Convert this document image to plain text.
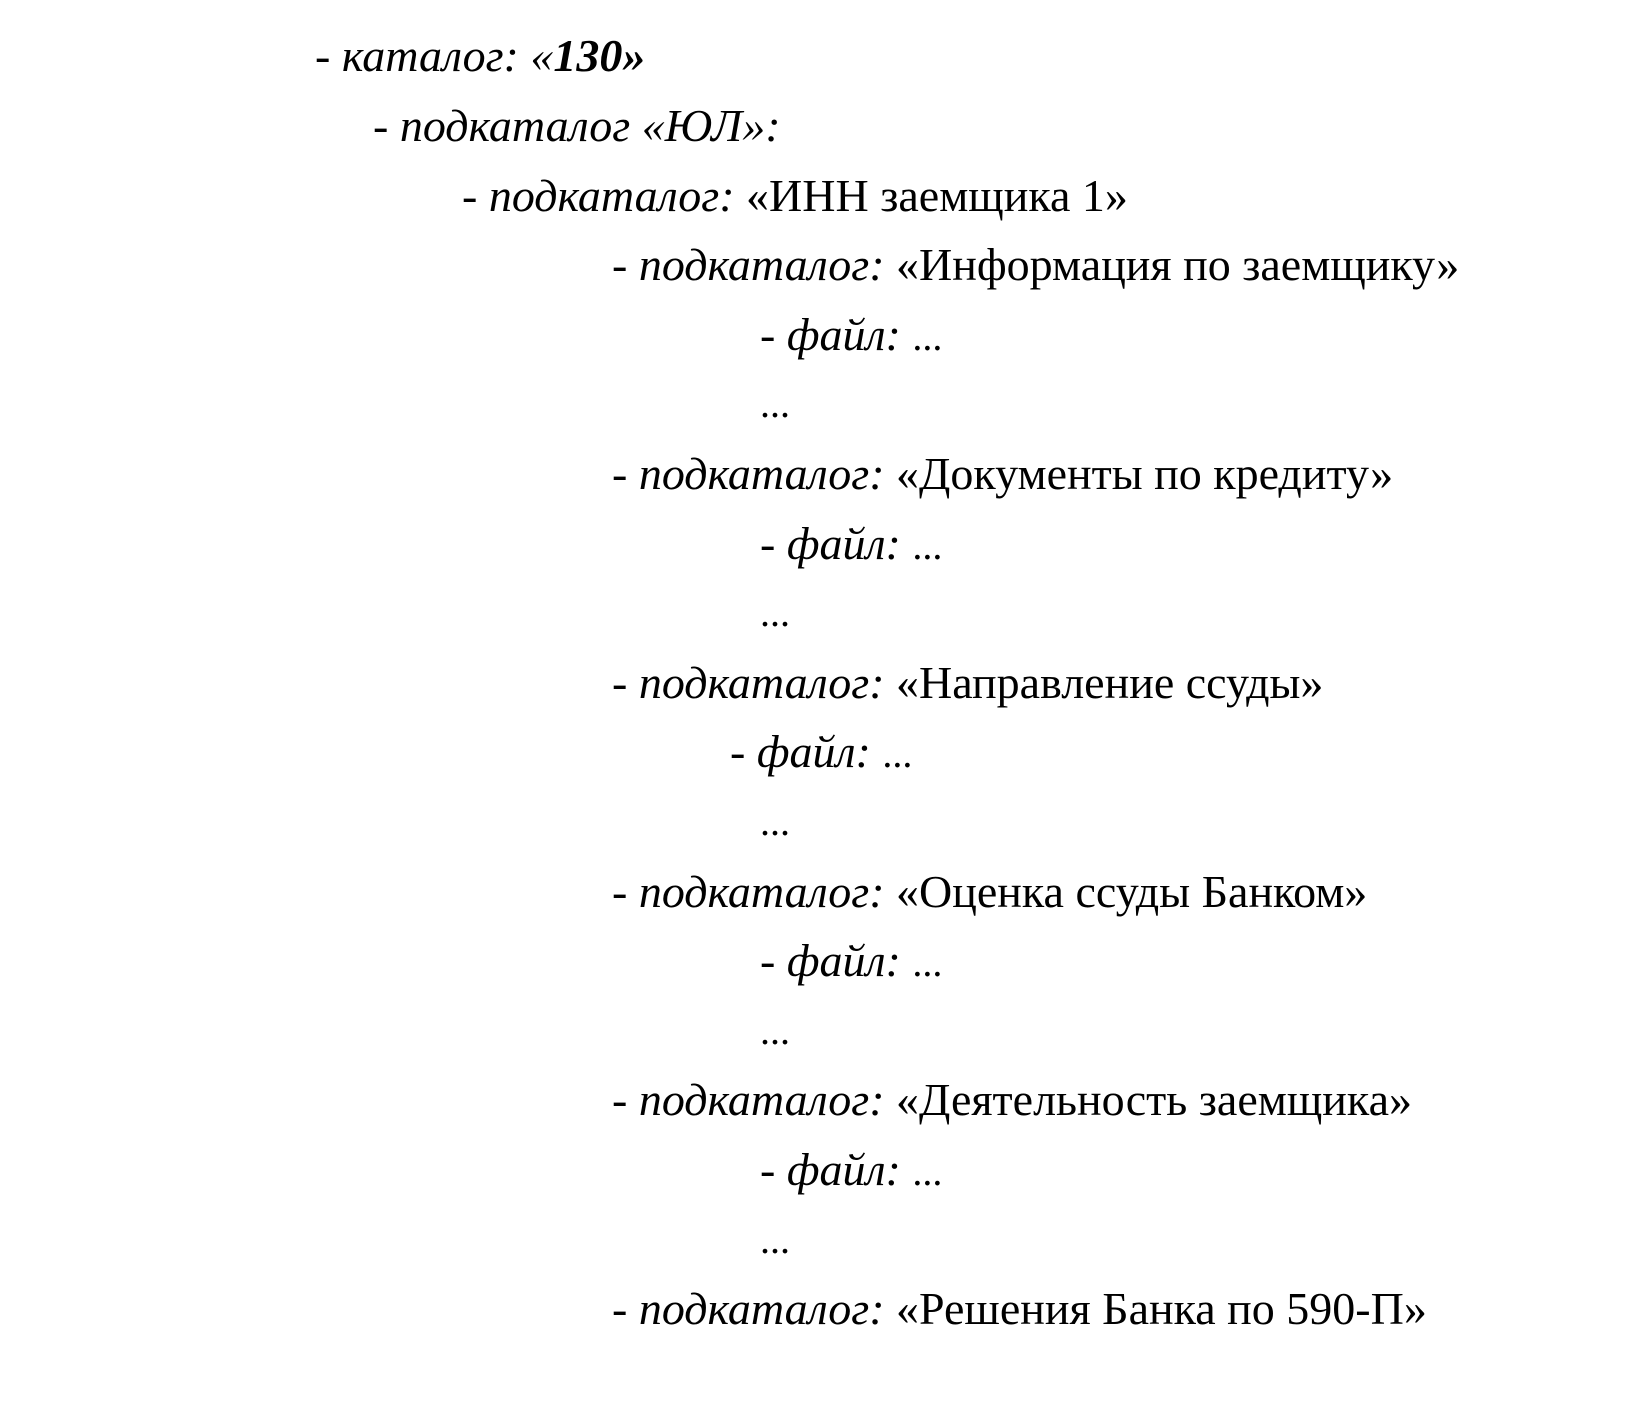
- каталог: «130»
- подкаталог «ЮЛ»:
- подкаталог: «ИНН заемщика 1»
- подкаталог: «Информация по заемщику»
- файл: ...
...
- подкаталог: «Документы по кредиту»
- файл: ...
...
- подкаталог: «Направление ссуды»
- файл: ...
...
- подкаталог: «Оценка ссуды Банком»
- файл: ...
...
- подкаталог: «Деятельность заемщика»
- файл: ...
...
- подкаталог: «Решения Банка по 590-П»
